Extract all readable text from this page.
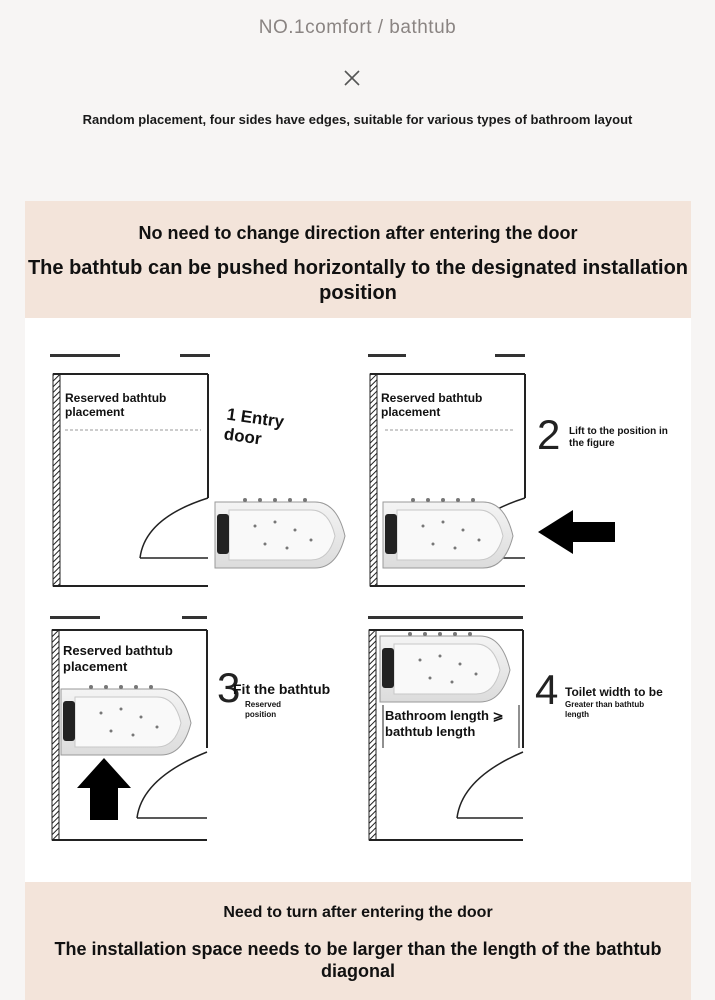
NO.1comfort / bathtub
Random placement, four sides have edges, suitable for various types of bathroom layout
No need to change direction after entering the door
The bathtub can be pushed horizontally to the designated installation position
Reserved bathtub placement	1 Entry door
Reserved bathtub placement	2 Lift to the position in the figure
Reserved bathtub placement	3
Fit the bathtub
Reserved position
4 Toilet width to be
Greater than bathtub length
Bathroom length ⩾ bathtub length
Need to turn after entering the door
The installation space needs to be larger than the length of the bathtub diagonal
